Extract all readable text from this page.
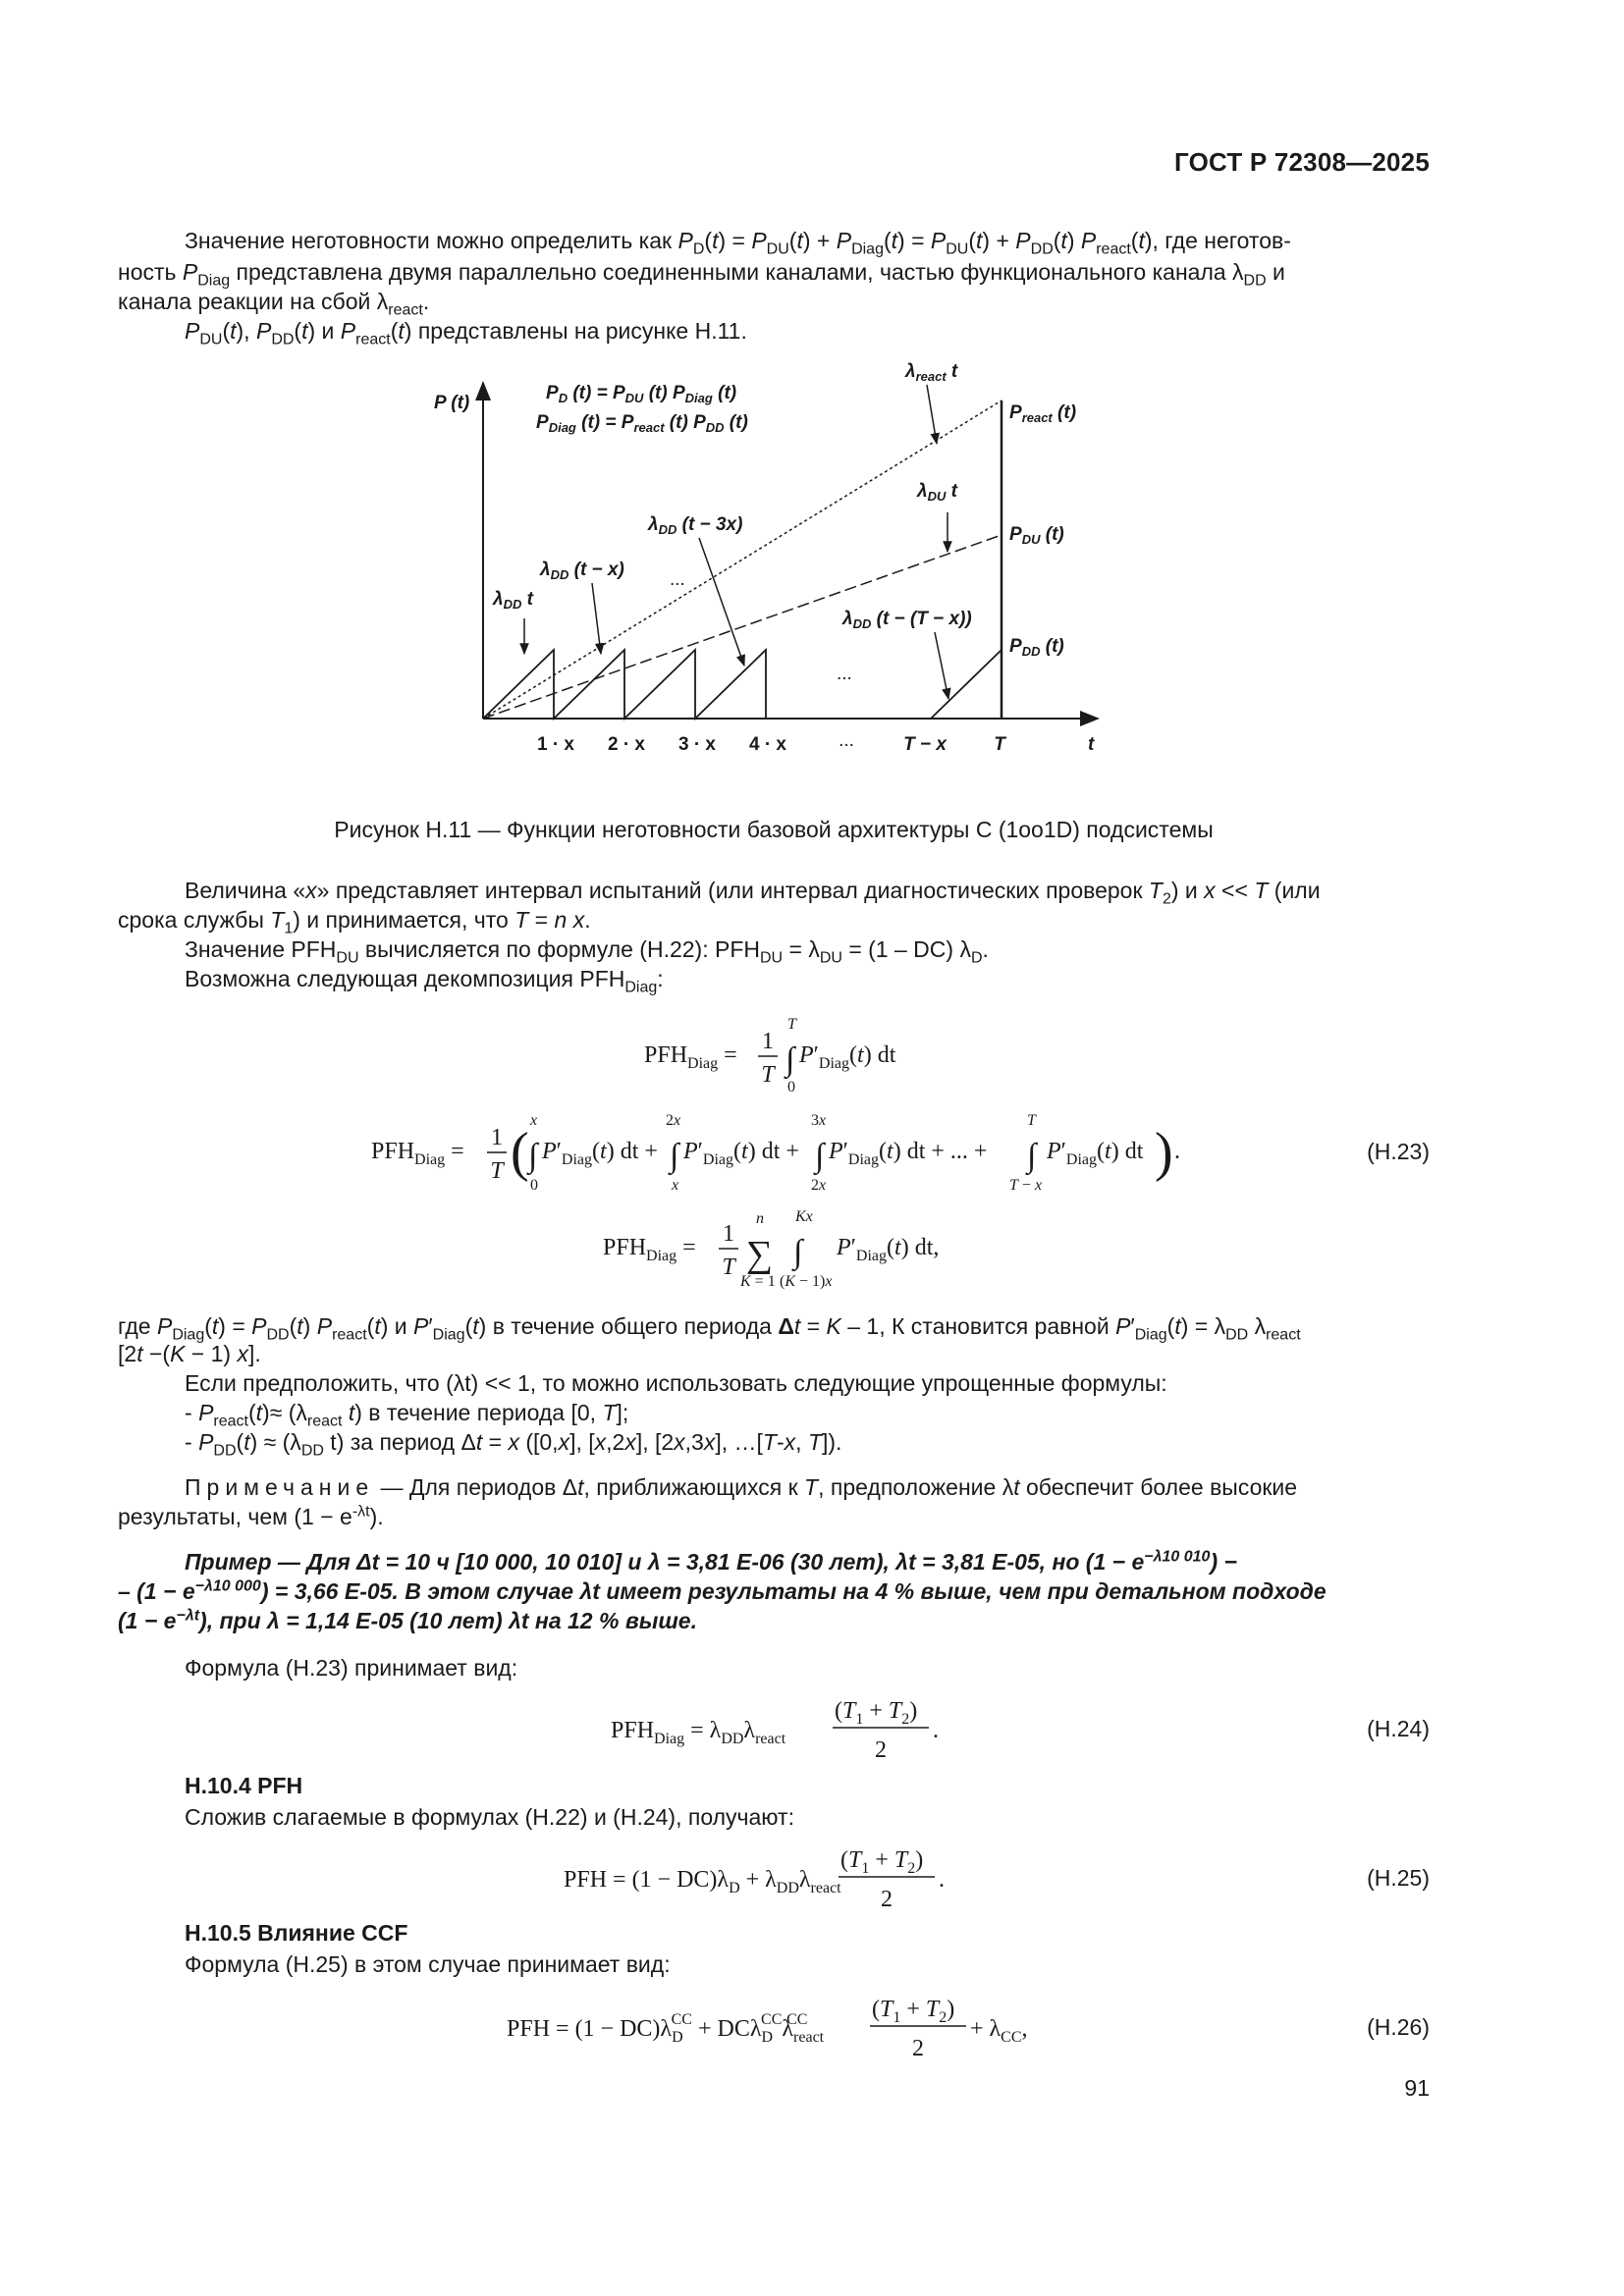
ГОСТ Р 72308—2025
Значение неготовности можно определить как $P_D(t) = P_{DU}(t) + P_{Diag}(t) = P_{DU}(t) + P_{DD}(t)$ $P_{react}(t)$, где неготов-
ность $P_{Diag}$ представлена двумя параллельно соединенными каналами, частью функционального канала $\lambda_{DD}$ и
канала реакции на сбой $\lambda_{react}$.
$P_{DU}(t)$, $P_{DD}(t)$ и $P_{react}(t)$ представлены на рисунке Н.11.
P (t)	$P_D$ $(t) = P_{DU}$ (t) $P_{Diag}$ (t)
$P_{Diag}$ $(t) = P_{react}$ (t) $P_{DD}$ (t)
$\lambda_{react}$ t
$P_{react}$ (t)
$\lambda_{DU}$ t
$P_{DU}$ (t)
$\lambda_{DD}$ (t − 3x)
$\lambda_{DD}$ (t − x)
$\lambda_{DD}$ t
$\lambda_{DD}$ (t − (T − x))
$P_{DD}$ (t)
t
...
...
1 · x 2 · x 3 · x 4 · x	...	T − x	T
Рисунок Н.11 — Функции неготовности базовой архитектуры С (1оо1D) подсистемы
Величина «x» представляет интервал испытаний (или интервал диагностических проверок $T_2$) и x << T (или
срока службы $T_1$) и принимается, что T = n x.
Значение $PFH_{DU}$ вычисляется по формуле (Н.22): $PFH_{DU} = \lambda_{DU} = (1 - DC)$ $\lambda_D$.
Возможна следующая декомпозиция $PFH_{Diag}$:
$PFH_{Diag}$ =
1
T ∫
T
0
$P'_{Diag}(t)$ dt
$PFH_{Diag}$ =
1
T ( ∫
x
0
$P'_{Diag}(t)$ dt + ∫
2x
x
$P'_{Diag}(t)$ dt + ∫
3x
2x
$P'_{Diag}(t)$ dt + ... + ∫
T
T − x
$P'_{Diag}(t)$ dt ) .
$PFH_{Diag}$ =
1
T ∑
n
K = 1
∫
Kx
(K − 1)x
$P'_{Diag}(t)$ dt,
(Н.23)
где $P_{Diag}(t) = P_{DD}(t)$ $P_{react}(t)$ и $P'_{Diag}(t)$ в течение общего периода Δt = K – 1, К становится равной $P'_{Diag}(t) = \lambda_{DD}$ $\lambda_{react}$
[2t −(K − 1) x].
Если предположить, что (λt) << 1, то можно использовать следующие упрощенные формулы:
- $P_{react}(t)\approx (\lambda_{react}$ t) в течение периода [0, T];
- $P_{DD}(t) \approx (\lambda_{DD}$ t) за период Δt = x ([0,x], [x,2x], [2x,3x], …[T-x, T]).
Примечание — Для периодов Δt, приближающихся к T, предположение λt обеспечит более высокие
результаты, чем $(1 - e^{-\lambda t})$.
Пример — Для Δt = 10 ч [10 000, 10 010] и λ = 3,81 Е-06 (30 лет), λt = 3,81 Е-05, но $(1 - e^{-\lambda 10 010})$ −
– $(1 - e^{-\lambda 10 000}) = 3,66$ Е-05. В этом случае λt имеет результаты на 4 % выше, чем при детальном подходе
$(1 - e^{-\lambda t})$, при λ = 1,14 Е-05 (10 лет) λt на 12 % выше.
Формула (Н.23) принимает вид:
$PFH_{Diag} = \lambda_{DD}\lambda_{react}$
$(T_1 + T_2)$
2
.	(Н.24)
Н.10.4 PFH
Сложив слагаемые в формулах (Н.22) и (Н.24), получают:
PFH = $(1 - DC)\lambda_D + \lambda_{DD}\lambda_{react}$
$(T_1 + T_2)$
2
.	(Н.25)
Н.10.5 Влияние CCF
Формула (Н.25) в этом случае принимает вид:
PFH = $(1 - DC)\lambda_DCC + DC\lambda_DCC\lambda_{react}CC$	$(T_1 + T_2)$
2
+ $\lambda_{CC}$,	(Н.26)
91
